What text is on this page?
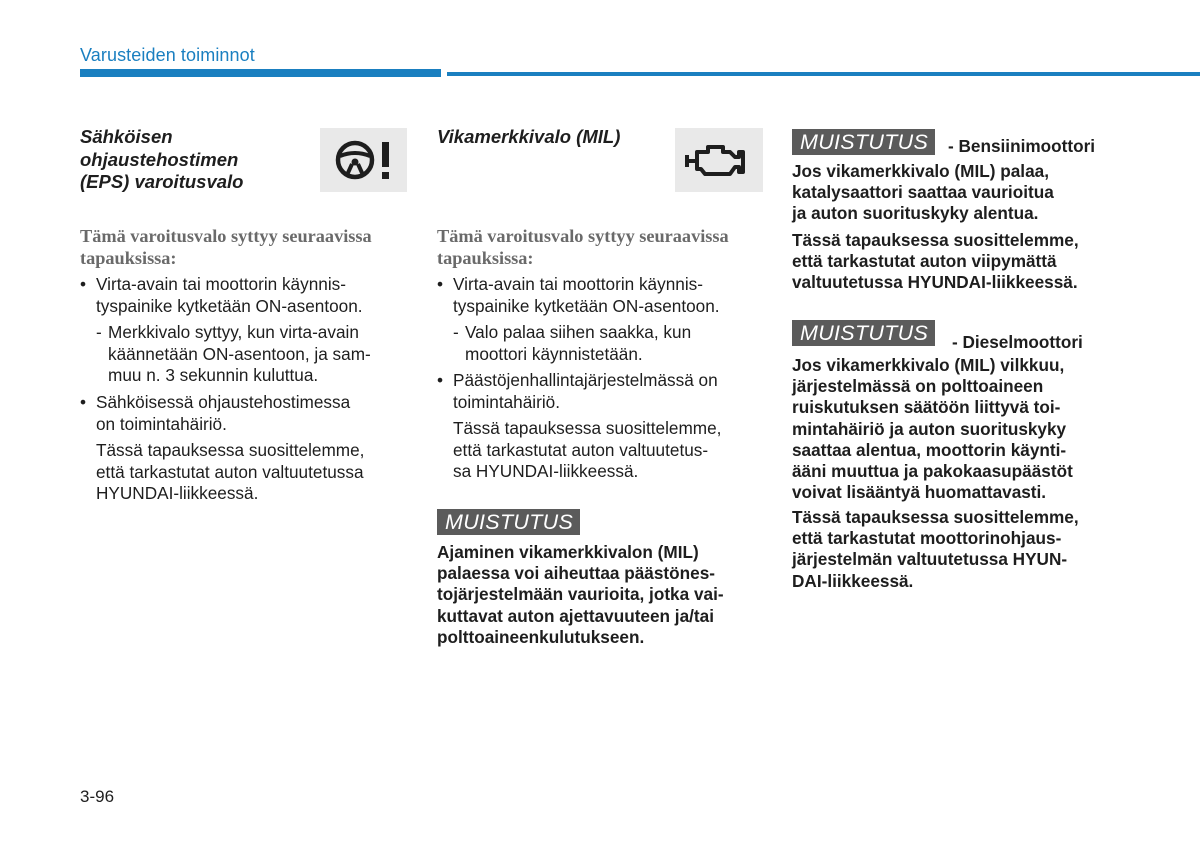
Varusteiden toiminnot
Sähköisen
ohjaustehostimen
(EPS) varoitusvalo
Tämä varoitusvalo syttyy seuraavissa
tapauksissa:
• Virta-avain tai moottorin käynnis-
tyspainike kytketään ON-asentoon.
- Merkkivalo syttyy, kun virta-avain
käännetään ON-asentoon, ja sam-
muu n. 3 sekunnin kuluttua.
• Sähköisessä ohjaustehostimessa
on toimintahäiriö.
Tässä tapauksessa suosittelemme,
että tarkastutat auton valtuutetussa
HYUNDAI-liikkeessä.
Vikamerkkivalo (MIL)
Tämä varoitusvalo syttyy seuraavissa
tapauksissa:
• Virta-avain tai moottorin käynnis-
tyspainike kytketään ON-asentoon.
- Valo palaa siihen saakka, kun
moottori käynnistetään.
• Päästöjenhallintajärjestelmässä on
toimintahäiriö.
Tässä tapauksessa suosittelemme,
että tarkastutat auton valtuutetus-
sa HYUNDAI-liikkeessä.
MUISTUTUS
Ajaminen vikamerkkivalon (MIL)
palaessa voi aiheuttaa päästönes-
tojärjestelmään vaurioita, jotka vai-
kuttavat auton ajettavuuteen ja/tai
polttoaineenkulutukseen.
MUISTUTUS	- Bensiinimoottori
Jos vikamerkkivalo (MIL) palaa,
katalysaattori saattaa vaurioitua
ja auton suorituskyky alentua.
Tässä tapauksessa suosittelemme,
että tarkastutat auton viipymättä
valtuutetussa HYUNDAI-liikkeessä.
MUISTUTUS	- Dieselmoottori
Jos vikamerkkivalo (MIL) vilkkuu,
järjestelmässä on polttoaineen
ruiskutuksen säätöön liittyvä toi-
mintahäiriö ja auton suorituskyky
saattaa alentua, moottorin käynti-
ääni muuttua ja pakokaasupäästöt
voivat lisääntyä huomattavasti.
Tässä tapauksessa suosittelemme,
että tarkastutat moottorinohjaus-
järjestelmän valtuutetussa HYUN-
DAI-liikkeessä.
3-96
